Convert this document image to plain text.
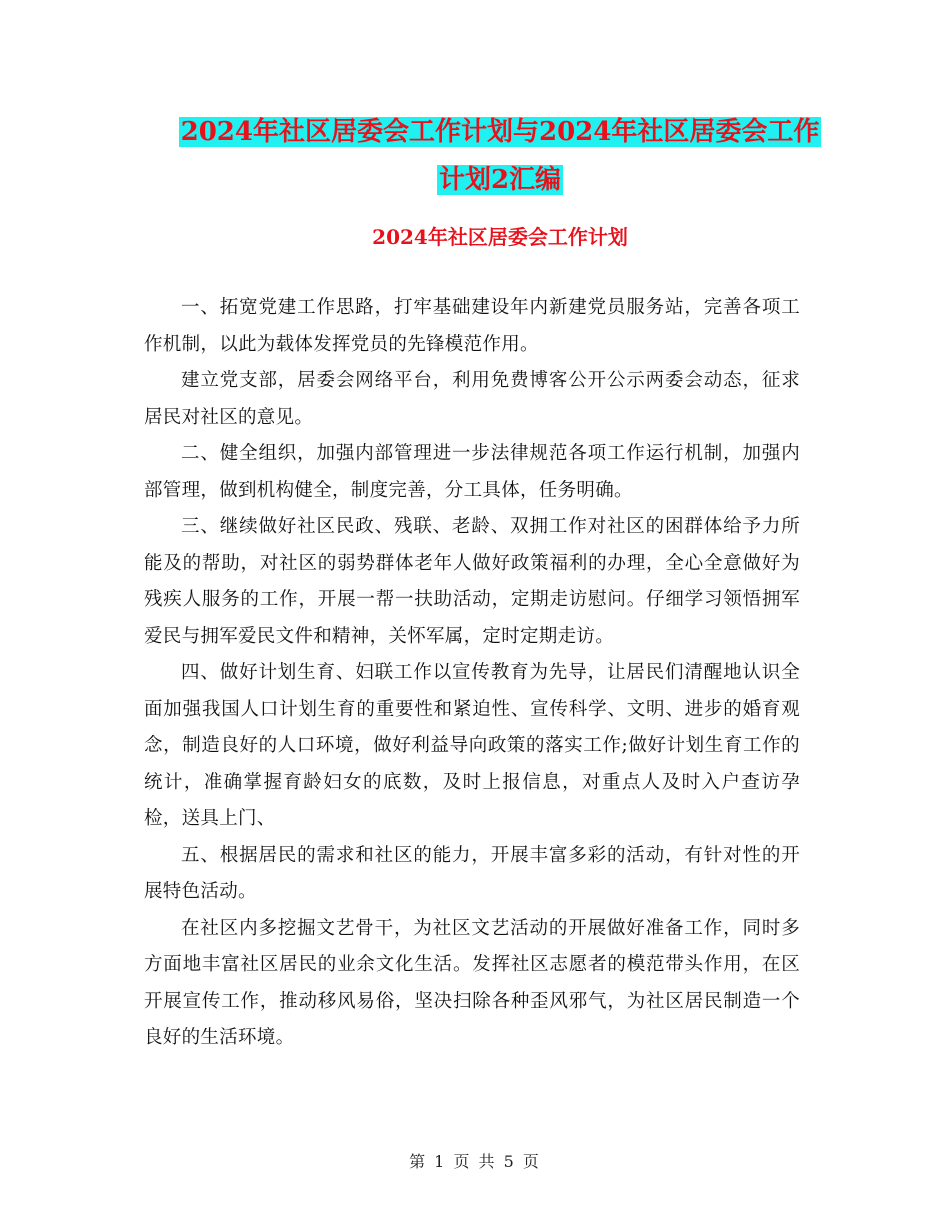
2024年社区居委会工作计划与2024年社区居委会工作
计划2汇编
2024年社区居委会工作计划

一、拓宽党建工作思路，打牢基础建设年内新建党员服务站，完善各项工作机制，以此为载体发挥党员的先锋模范作用。

建立党支部，居委会网络平台，利用免费博客公开公示两委会动态，征求居民对社区的意见。

二、健全组织，加强内部管理进一步法律规范各项工作运行机制，加强内部管理，做到机构健全，制度完善，分工具体，任务明确。

三、继续做好社区民政、残联、老龄、双拥工作对社区的困群体给予力所能及的帮助，对社区的弱势群体老年人做好政策福利的办理，全心全意做好为残疾人服务的工作，开展一帮一扶助活动，定期走访慰问。仔细学习领悟拥军爱民与拥军爱民文件和精神，关怀军属，定时定期走访。

四、做好计划生育、妇联工作以宣传教育为先导，让居民们清醒地认识全面加强我国人口计划生育的重要性和紧迫性、宣传科学、文明、进步的婚育观念，制造良好的人口环境，做好利益导向政策的落实工作;做好计划生育工作的统计，准确掌握育龄妇女的底数，及时上报信息，对重点人及时入户查访孕检，送具上门、

五、根据居民的需求和社区的能力，开展丰富多彩的活动，有针对性的开展特色活动。

在社区内多挖掘文艺骨干，为社区文艺活动的开展做好准备工作，同时多方面地丰富社区居民的业余文化生活。发挥社区志愿者的模范带头作用，在区开展宣传工作，推动移风易俗，坚决扫除各种歪风邪气，为社区居民制造一个良好的生活环境。

第 1 页 共 5 页
